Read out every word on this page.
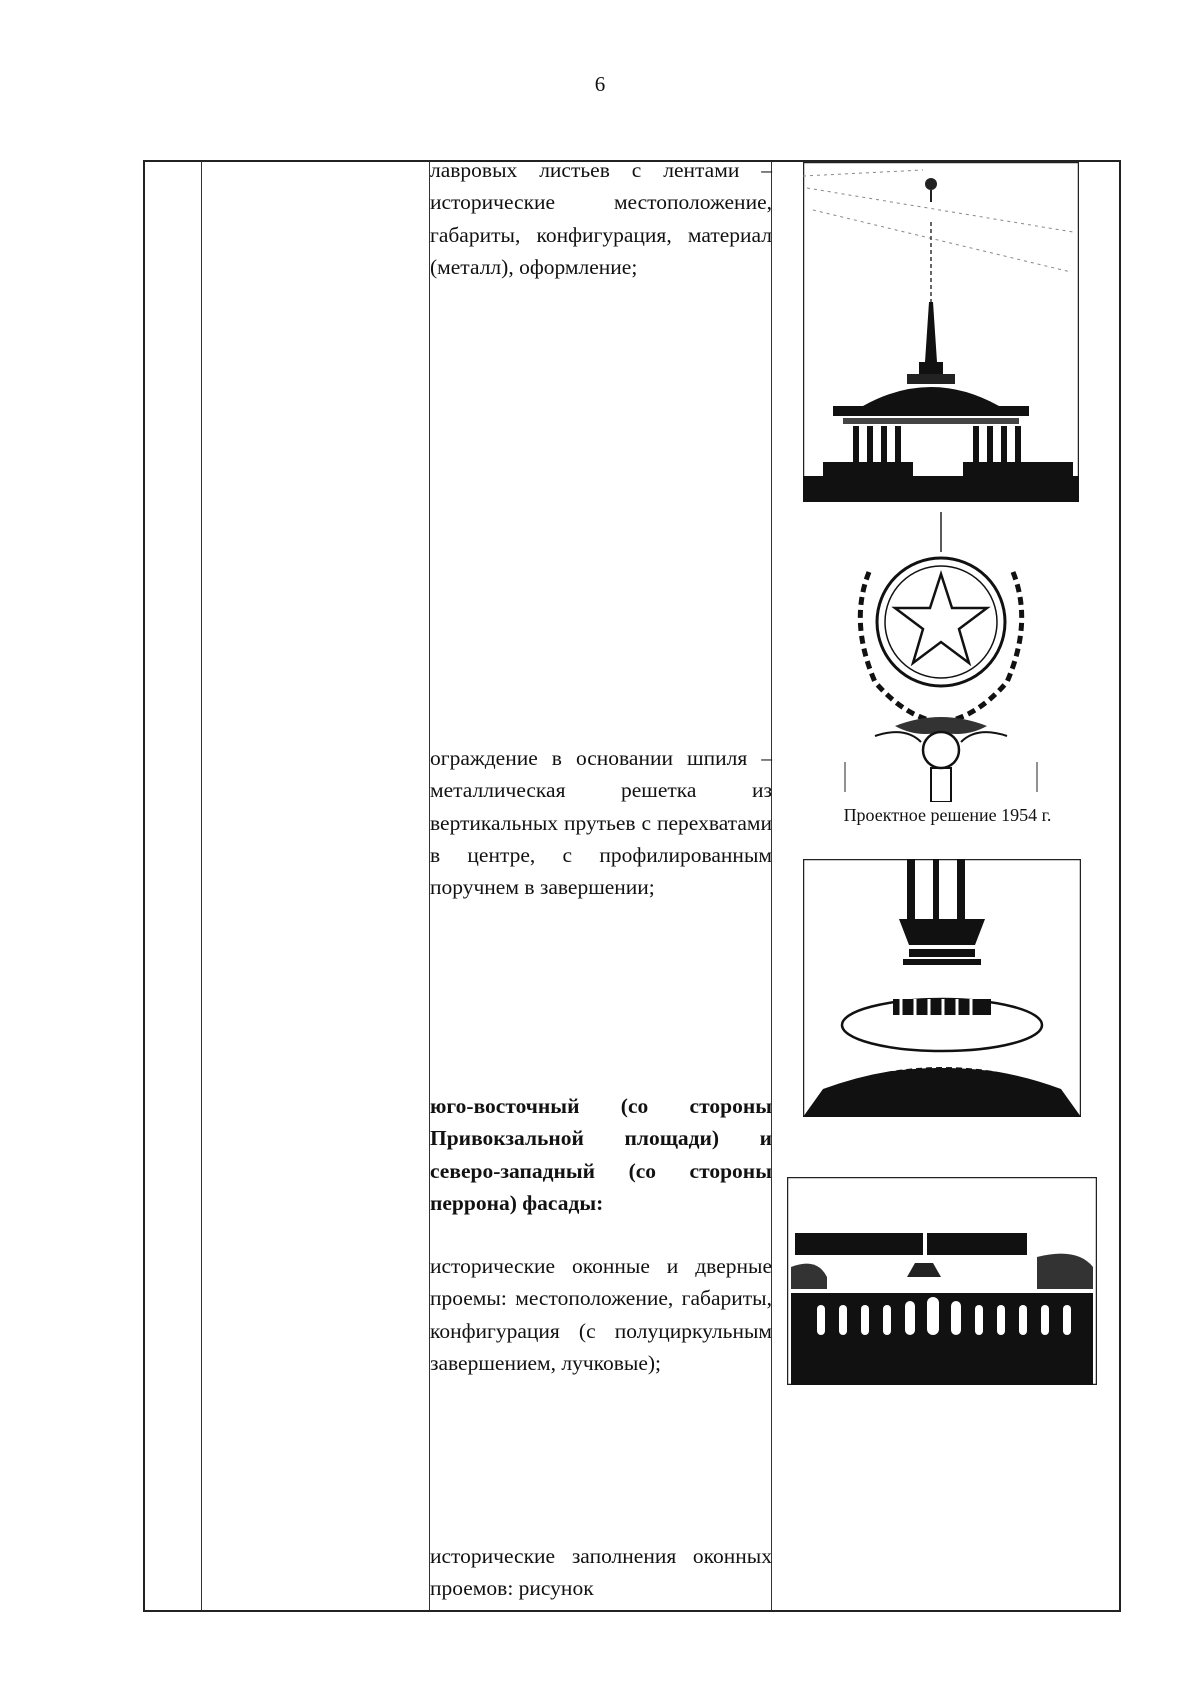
6
лавровых листьев с лентами – исторические местоположение, габариты, конфигурация, материал (металл), оформление;
ограждение в основании шпиля – металлическая решетка из вертикальных прутьев с перехватами в центре, с профилированным поручнем в завершении;
юго-восточный (со стороны Привокзальной площади) и северо-западный (со стороны перрона) фасады:
исторические оконные и дверные проемы: местоположение, габариты, конфигурация (с полуциркульным завершением, лучковые);
исторические заполнения оконных проемов: рисунок
Проектное решение 1954 г.
